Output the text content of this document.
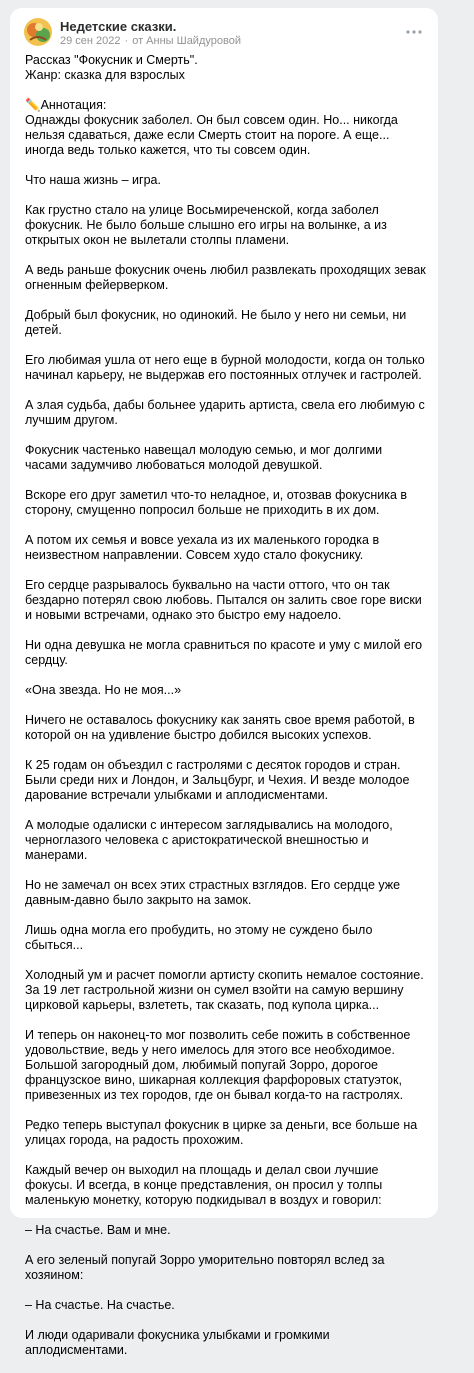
Недетские сказки.
29 сен 2022 · от Анны Шайдуровой

Рассказ "Фокусник и Смерть".
Жанр: сказка для взрослых

✏️Аннотация:
Однажды фокусник заболел. Он был совсем один. Но... никогда нельзя сдаваться, даже если Смерть стоит на пороге. А еще... иногда ведь только кажется, что ты совсем один.

Что наша жизнь – игра.

Как грустно стало на улице Восьмиреченской, когда заболел фокусник. Не было больше слышно его игры на волынке, а из открытых окон не вылетали столпы пламени.

А ведь раньше фокусник очень любил развлекать проходящих зевак огненным фейерверком.

Добрый был фокусник, но одинокий. Не было у него ни семьи, ни детей.

Его любимая ушла от него еще в бурной молодости, когда он только начинал карьеру, не выдержав его постоянных отлучек и гастролей.

А злая судьба, дабы больнее ударить артиста, свела его любимую с лучшим другом.

Фокусник частенько навещал молодую семью, и мог долгими часами задумчиво любоваться молодой девушкой.

Вскоре его друг заметил что-то неладное, и, отозвав фокусника в сторону, смущенно попросил больше не приходить в их дом.

А потом их семья и вовсе уехала из их маленького городка в неизвестном направлении. Совсем худо стало фокуснику.

Его сердце разрывалось буквально на части оттого, что он так бездарно потерял свою любовь. Пытался он залить свое горе виски и новыми встречами, однако это быстро ему надоело.

Ни одна девушка не могла сравниться по красоте и уму с милой его сердцу.

«Она звезда. Но не моя...»

Ничего не оставалось фокуснику как занять свое время работой, в которой он на удивление быстро добился высоких успехов.

К 25 годам он объездил с гастролями с десяток городов и стран. Были среди них и Лондон, и Зальцбург, и Чехия. И везде молодое дарование встречали улыбками и аплодисментами.

А молодые одалиски с интересом заглядывались на молодого, черноглазого человека с аристократической внешностью и манерами.

Но не замечал он всех этих страстных взглядов. Его сердце уже давным-давно было закрыто на замок.

Лишь одна могла его пробудить, но этому не суждено было сбыться...

Холодный ум и расчет помогли артисту скопить немалое состояние. За 19 лет гастрольной жизни он сумел взойти на самую вершину цирковой карьеры, взлететь, так сказать, под купола цирка...

И теперь он наконец-то мог позволить себе пожить в собственное удовольствие, ведь у него имелось для этого все необходимое. Большой загородный дом, любимый попугай Зорро, дорогое французское вино, шикарная коллекция фарфоровых статуэток, привезенных из тех городов, где он бывал когда-то на гастролях.

Редко теперь выступал фокусник в цирке за деньги, все больше на улицах города, на радость прохожим.

Каждый вечер он выходил на площадь и делал свои лучшие фокусы. И всегда, в конце представления, он просил у толпы маленькую монетку, которую подкидывал в воздух и говорил:

– На счастье. Вам и мне.

А его зеленый попугай Зорро уморительно повторял вслед за хозяином:

– На счастье. На счастье.

И люди одаривали фокусника улыбками и громкими аплодисментами.
